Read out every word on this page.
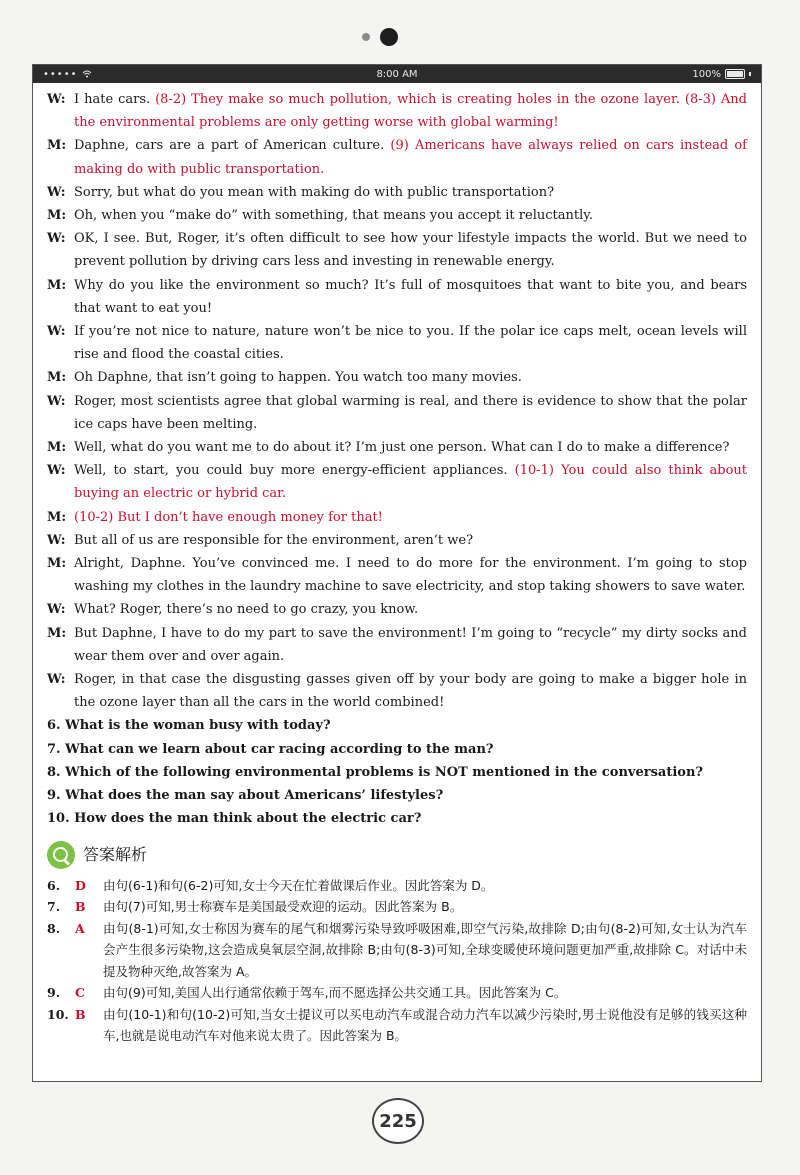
•••••	8:00 AM	100%
W: I hate cars. (8-2) They make so much pollution, which is creating holes in the ozone layer. (8-3) And the environmental problems are only getting worse with global warming!
M: Daphne, cars are a part of American culture. (9) Americans have always relied on cars instead of making do with public transportation.
W: Sorry, but what do you mean with making do with public transportation?
M: Oh, when you “make do” with something, that means you accept it reluctantly.
W: OK, I see. But, Roger, it’s often difficult to see how your lifestyle impacts the world. But we need to prevent pollution by driving cars less and investing in renewable energy.
M: Why do you like the environment so much? It’s full of mosquitoes that want to bite you, and bears that want to eat you!
W: If you’re not nice to nature, nature won’t be nice to you. If the polar ice caps melt, ocean levels will rise and flood the coastal cities.
M: Oh Daphne, that isn’t going to happen. You watch too many movies.
W: Roger, most scientists agree that global warming is real, and there is evidence to show that the polar ice caps have been melting.
M: Well, what do you want me to do about it? I’m just one person. What can I do to make a difference?
W: Well, to start, you could buy more energy-efficient appliances. (10-1) You could also think about buying an electric or hybrid car.
M: (10-2) But I don’t have enough money for that!
W: But all of us are responsible for the environment, aren’t we?
M: Alright, Daphne. You’ve convinced me. I need to do more for the environment. I’m going to stop washing my clothes in the laundry machine to save electricity, and stop taking showers to save water.
W: What? Roger, there’s no need to go crazy, you know.
M: But Daphne, I have to do my part to save the environment! I’m going to “recycle” my dirty socks and wear them over and over again.
W: Roger, in that case the disgusting gasses given off by your body are going to make a bigger hole in the ozone layer than all the cars in the world combined!
6. What is the woman busy with today?
7. What can we learn about car racing according to the man?
8. Which of the following environmental problems is NOT mentioned in the conversation?
9. What does the man say about Americans’ lifestyles?
10. How does the man think about the electric car?
答案解析
6.	D	由句(6-1)和句(6-2)可知,女士今天在忙着做课后作业。因此答案为 D。
7.	B	由句(7)可知,男士称赛车是美国最受欢迎的运动。因此答案为 B。
8.	A	由句(8-1)可知,女士称因为赛车的尾气和烟雾污染导致呼吸困难,即空气污染,故排除 D;由句(8-2)可知,女士认为汽车会产生很多污染物,这会造成臭氧层空洞,故排除 B;由句(8-3)可知,全球变暖使环境问题更加严重,故排除 C。对话中未提及物种灭绝,故答案为 A。
9.	C	由句(9)可知,美国人出行通常依赖于驾车,而不愿选择公共交通工具。因此答案为 C。
10. B	由句(10-1)和句(10-2)可知,当女士提议可以买电动汽车或混合动力汽车以减少污染时,男士说他没有足够的钱买这种车,也就是说电动汽车对他来说太贵了。因此答案为 B。
225
